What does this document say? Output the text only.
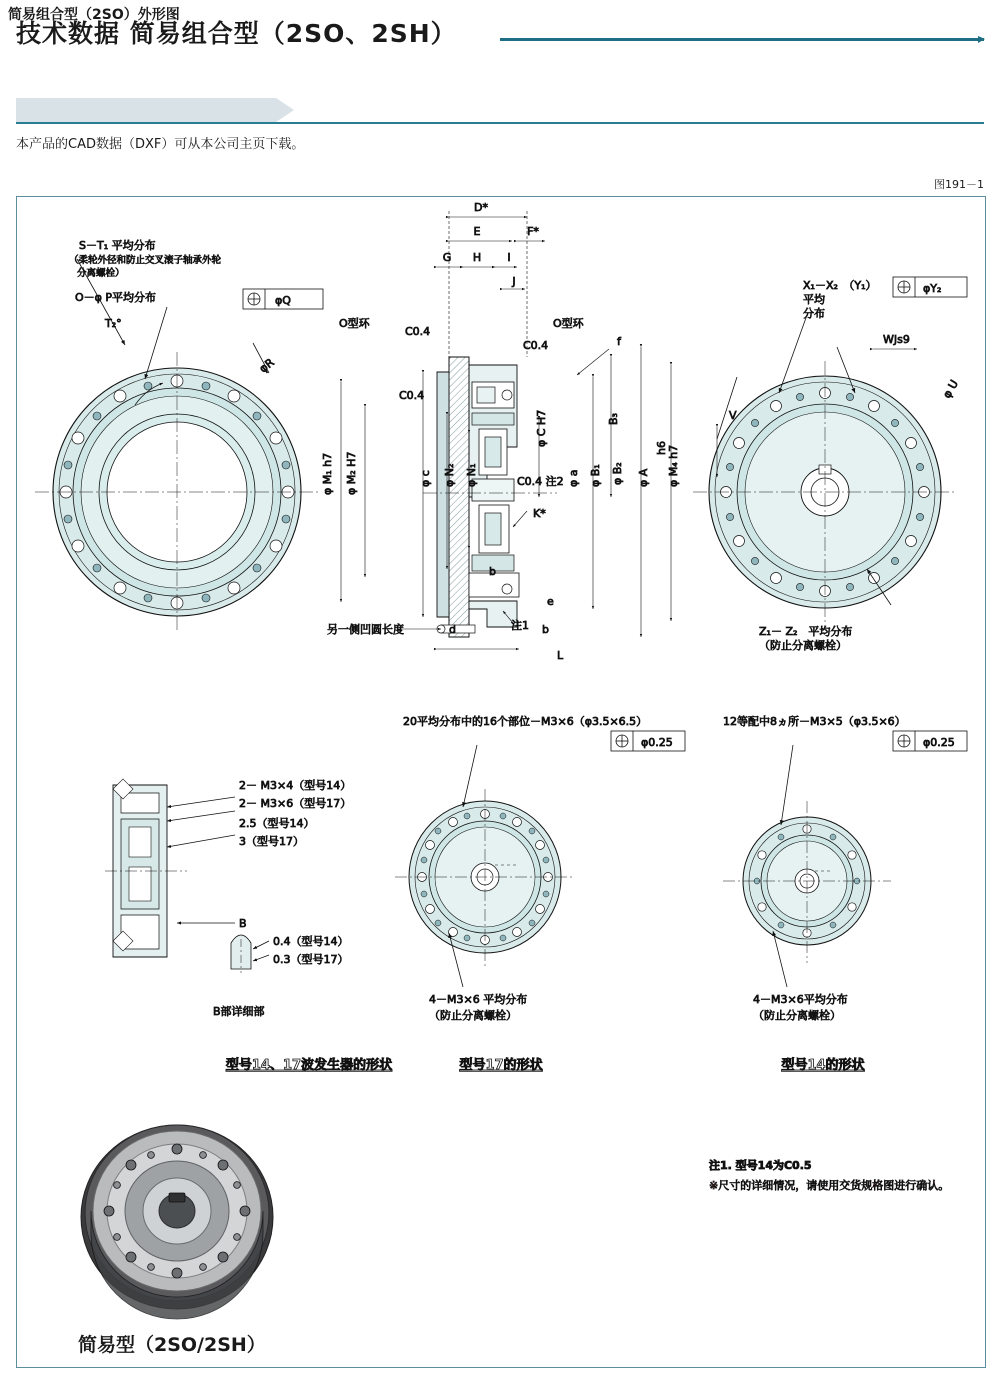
技术数据 简易组合型（2SO、2SH）
简易组合型（2SO）外形图
本产品的CAD数据（DXF）可从本公司主页下载。
图191－1
S－T₁ 平均分布
（柔轮外径和防止交叉滚子轴承外轮
分离螺栓）
O－φ P平均分布	φQ
T₂°
φR
φ M₁ h7 φ M₂ H7
D*
E	F*
G H I
J
O型环	O型环
C0.4
C0.4
C0.4
C0.4 注2
f
B₃
φ C H7
φ B₁ φ B₂
φ a	φ A φ M₄ h7
h6
φ c φ N₂ φ N₁
K*
b
e
注1
另一侧凹圆长度	d	b
L
X₁－X₂　（Y₁）
平均
分布
φY₂
WJs9
φ U
V
Z₁－ Z₂　平均分布
（防止分离螺栓）
2－ M3×4（型号14）
2－ M3×6（型号17）
2.5（型号14）
3（型号17）
B
0.4（型号14）
0.3（型号17）
B部详细部
型号14、17波发生器的形状
20平均分布中的16个部位－M3×6（φ3.5×6.5）
φ0.25
4－M3×6 平均分布
（防止分离螺栓）
型号17的形状
12等配中8ヵ所－M3×5（φ3.5×6）
φ0.25
4－M3×6平均分布
（防止分离螺栓）
型号14的形状
注1. 型号14为C0.5
※尺寸的详细情况，请使用交货规格图进行确认。
简易型（2SO/2SH）
